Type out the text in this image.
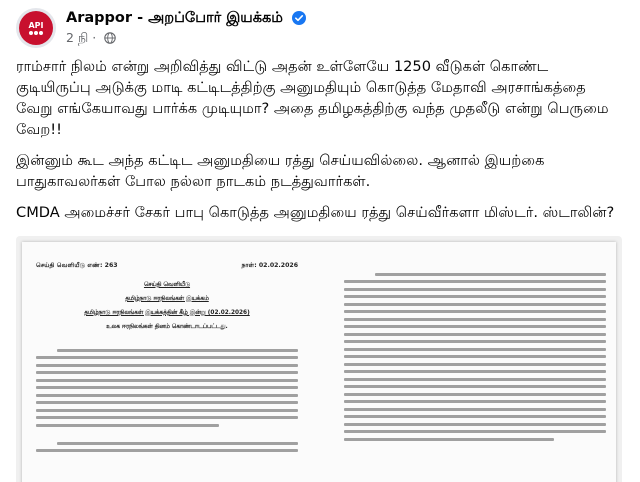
API Arappor - அறப்போர் இயக்கம்
2 நி ·

ராம்சார் நிலம் என்று அறிவித்து விட்டு அதன் உள்ளேயே 1250 வீடுகள் கொண்ட குடியிருப்பு அடுக்கு மாடி கட்டிடத்திற்கு அனுமதியும் கொடுத்த மேதாவி அரசாங்கத்தை வேறு எங்கேயாவது பார்க்க முடியுமா? அதை தமிழகத்திற்கு வந்த முதலீடு என்று பெருமை வேற!!

இன்னும் கூட அந்த கட்டிட அனுமதியை ரத்து செய்யவில்லை. ஆனால் இயற்கை பாதுகாவலர்கள் போல நல்லா நாடகம் நடத்துவார்கள்.

CMDA அமைச்சர் சேகர் பாபு கொடுத்த அனுமதியை ரத்து செய்வீர்களா மிஸ்டர். ஸ்டாலின்?

செய்தி வெளியீடு எண்: 263	நாள்: 02.02.2026
செய்தி வெளியீடு
தமிழ்நாடு ஈரநிலங்கள் இயக்கம்
தமிழ்நாடு ஈரநிலங்கள் இயக்கத்தின் கீழ் இன்று (02.02.2026)
உலக ஈரநிலங்கள் தினம் கொண்டாடப்பட்டது.
